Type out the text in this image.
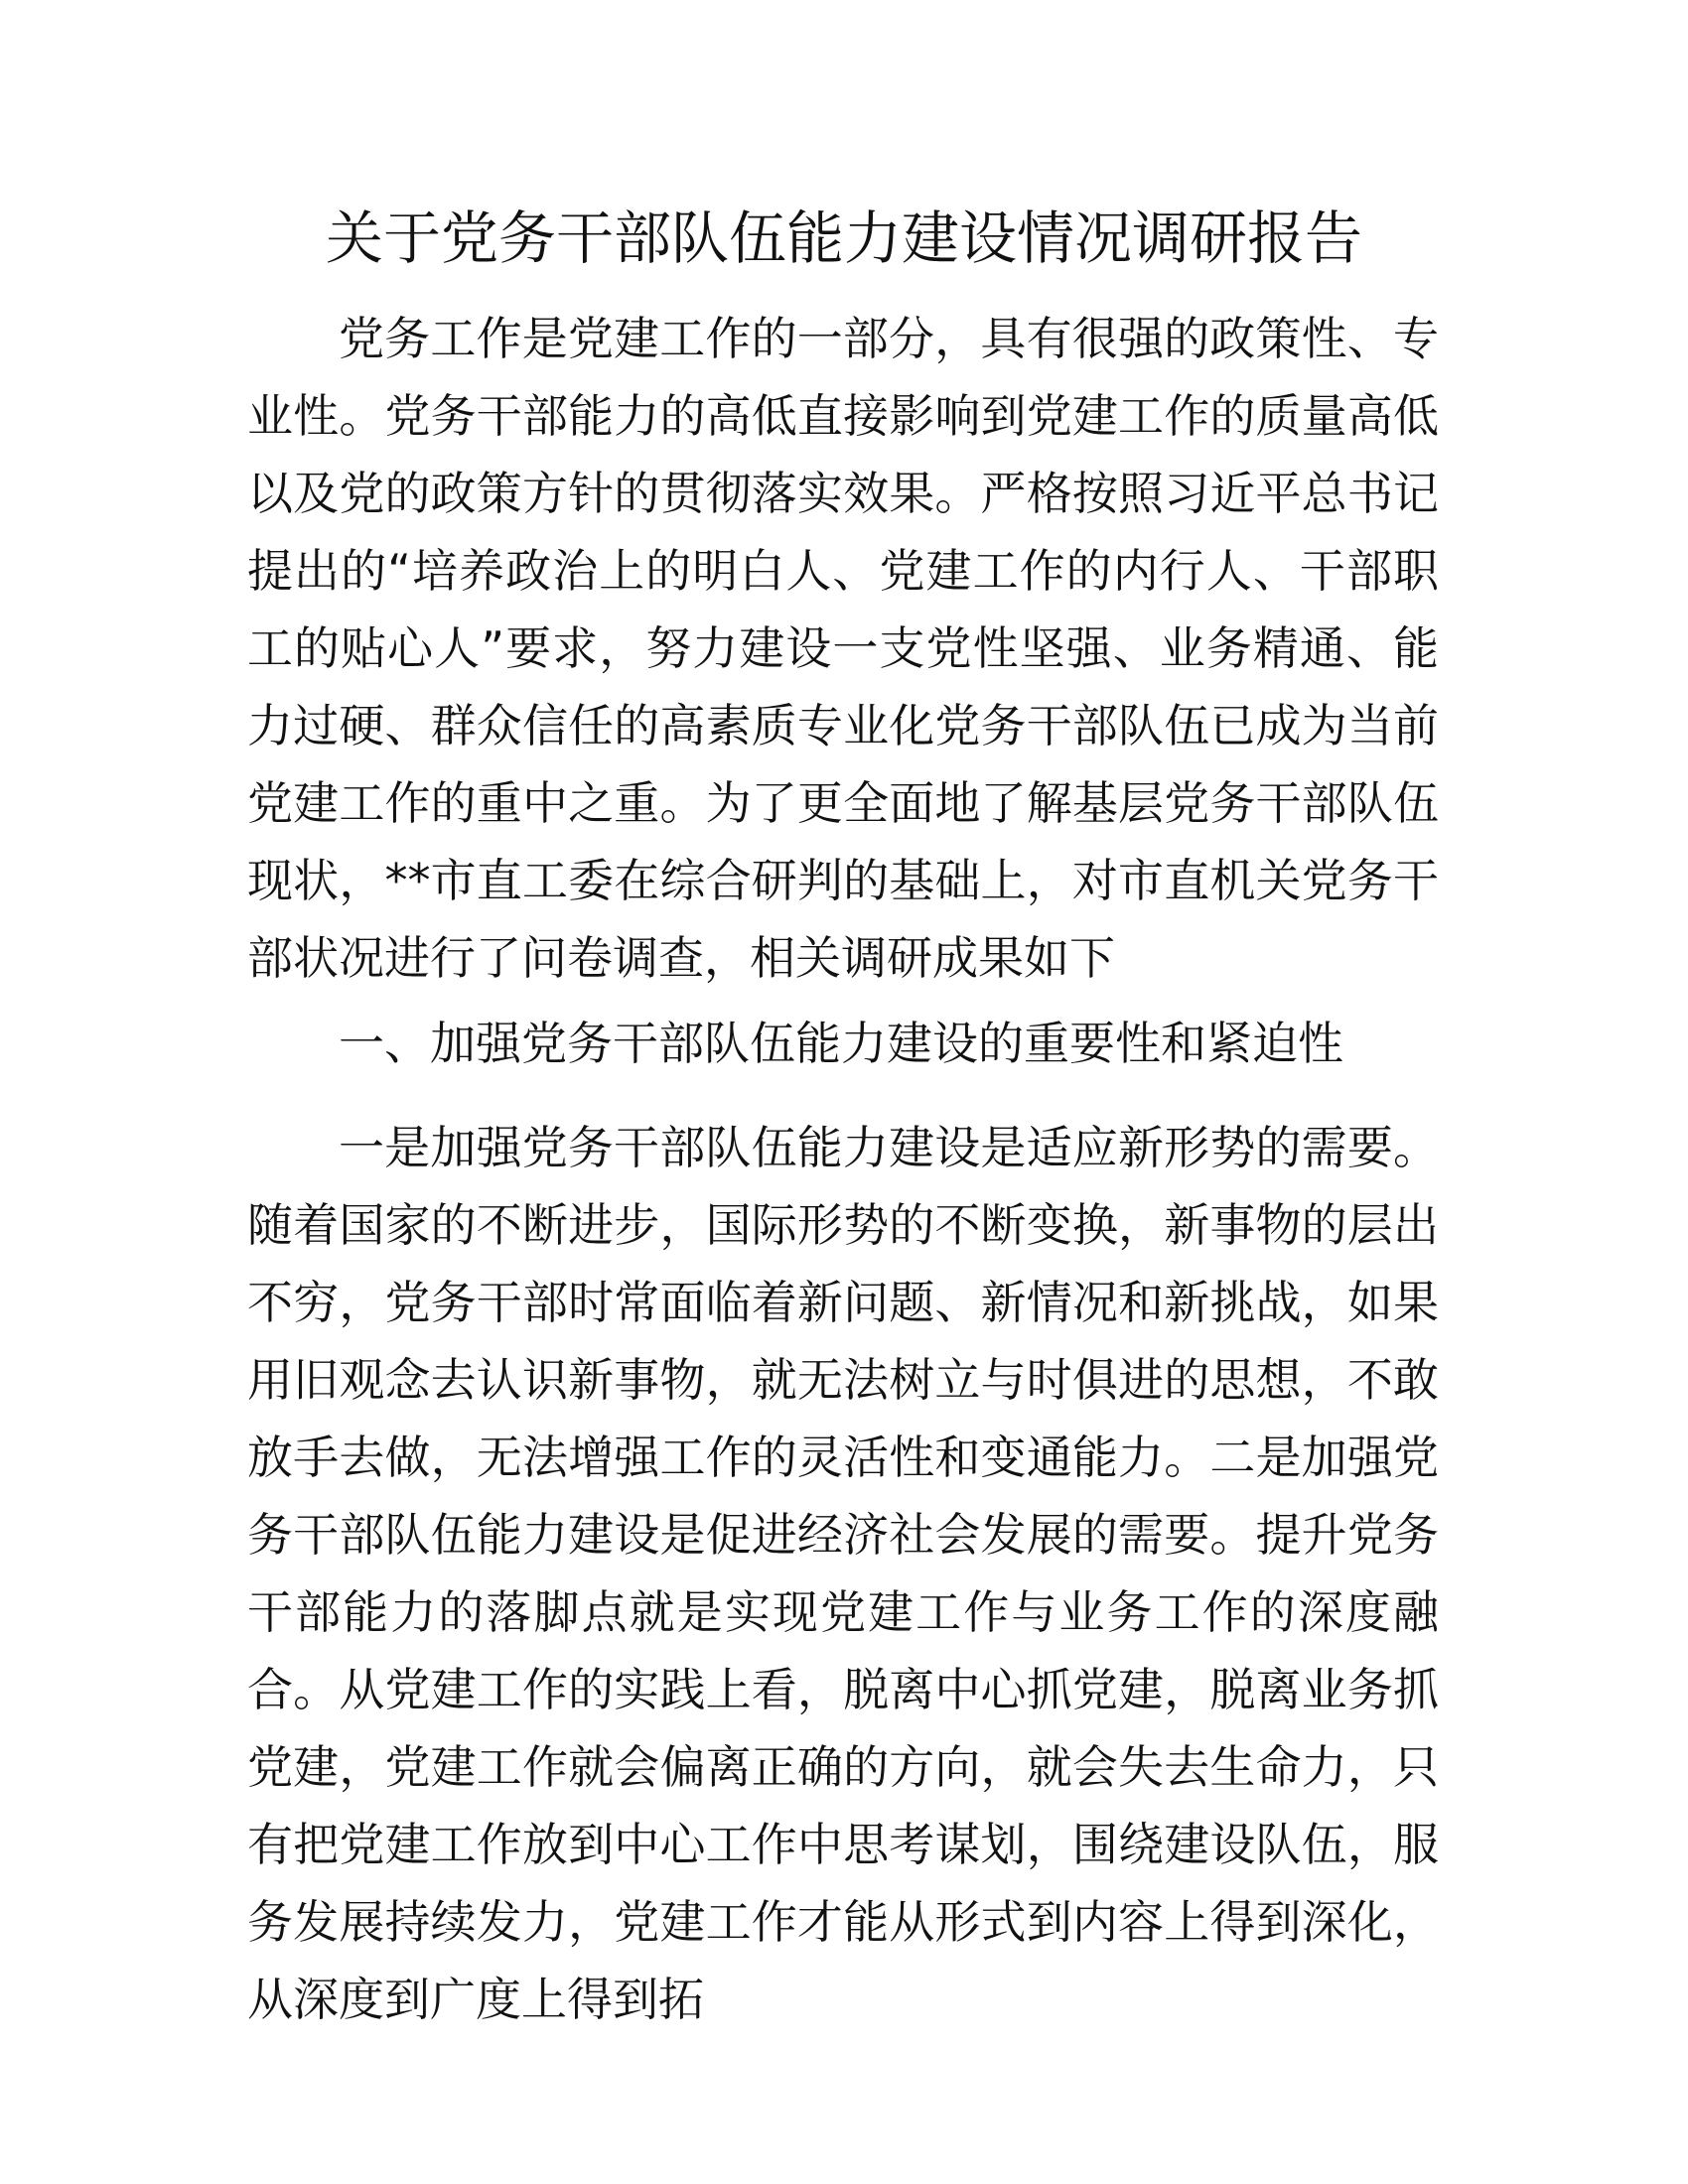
关于党务干部队伍能力建设情况调研报告

党务工作是党建工作的一部分，具有很强的政策性、专业性。党务干部能力的高低直接影响到党建工作的质量高低以及党的政策方针的贯彻落实效果。严格按照习近平总书记提出的“培养政治上的明白人、党建工作的内行人、干部职工的贴心人”要求，努力建设一支党性坚强、业务精通、能力过硬、群众信任的高素质专业化党务干部队伍已成为当前党建工作的重中之重。为了更全面地了解基层党务干部队伍现状，**市直工委在综合研判的基础上，对市直机关党务干部状况进行了问卷调查，相关调研成果如下

一、加强党务干部队伍能力建设的重要性和紧迫性

一是加强党务干部队伍能力建设是适应新形势的需要。随着国家的不断进步，国际形势的不断变换，新事物的层出不穷，党务干部时常面临着新问题、新情况和新挑战，如果用旧观念去认识新事物，就无法树立与时俱进的思想，不敢放手去做，无法增强工作的灵活性和变通能力。二是加强党务干部队伍能力建设是促进经济社会发展的需要。提升党务干部能力的落脚点就是实现党建工作与业务工作的深度融合。从党建工作的实践上看，脱离中心抓党建，脱离业务抓党建，党建工作就会偏离正确的方向，就会失去生命力，只有把党建工作放到中心工作中思考谋划，围绕建设队伍，服务发展持续发力，党建工作才能从形式到内容上得到深化，从深度到广度上得到拓
